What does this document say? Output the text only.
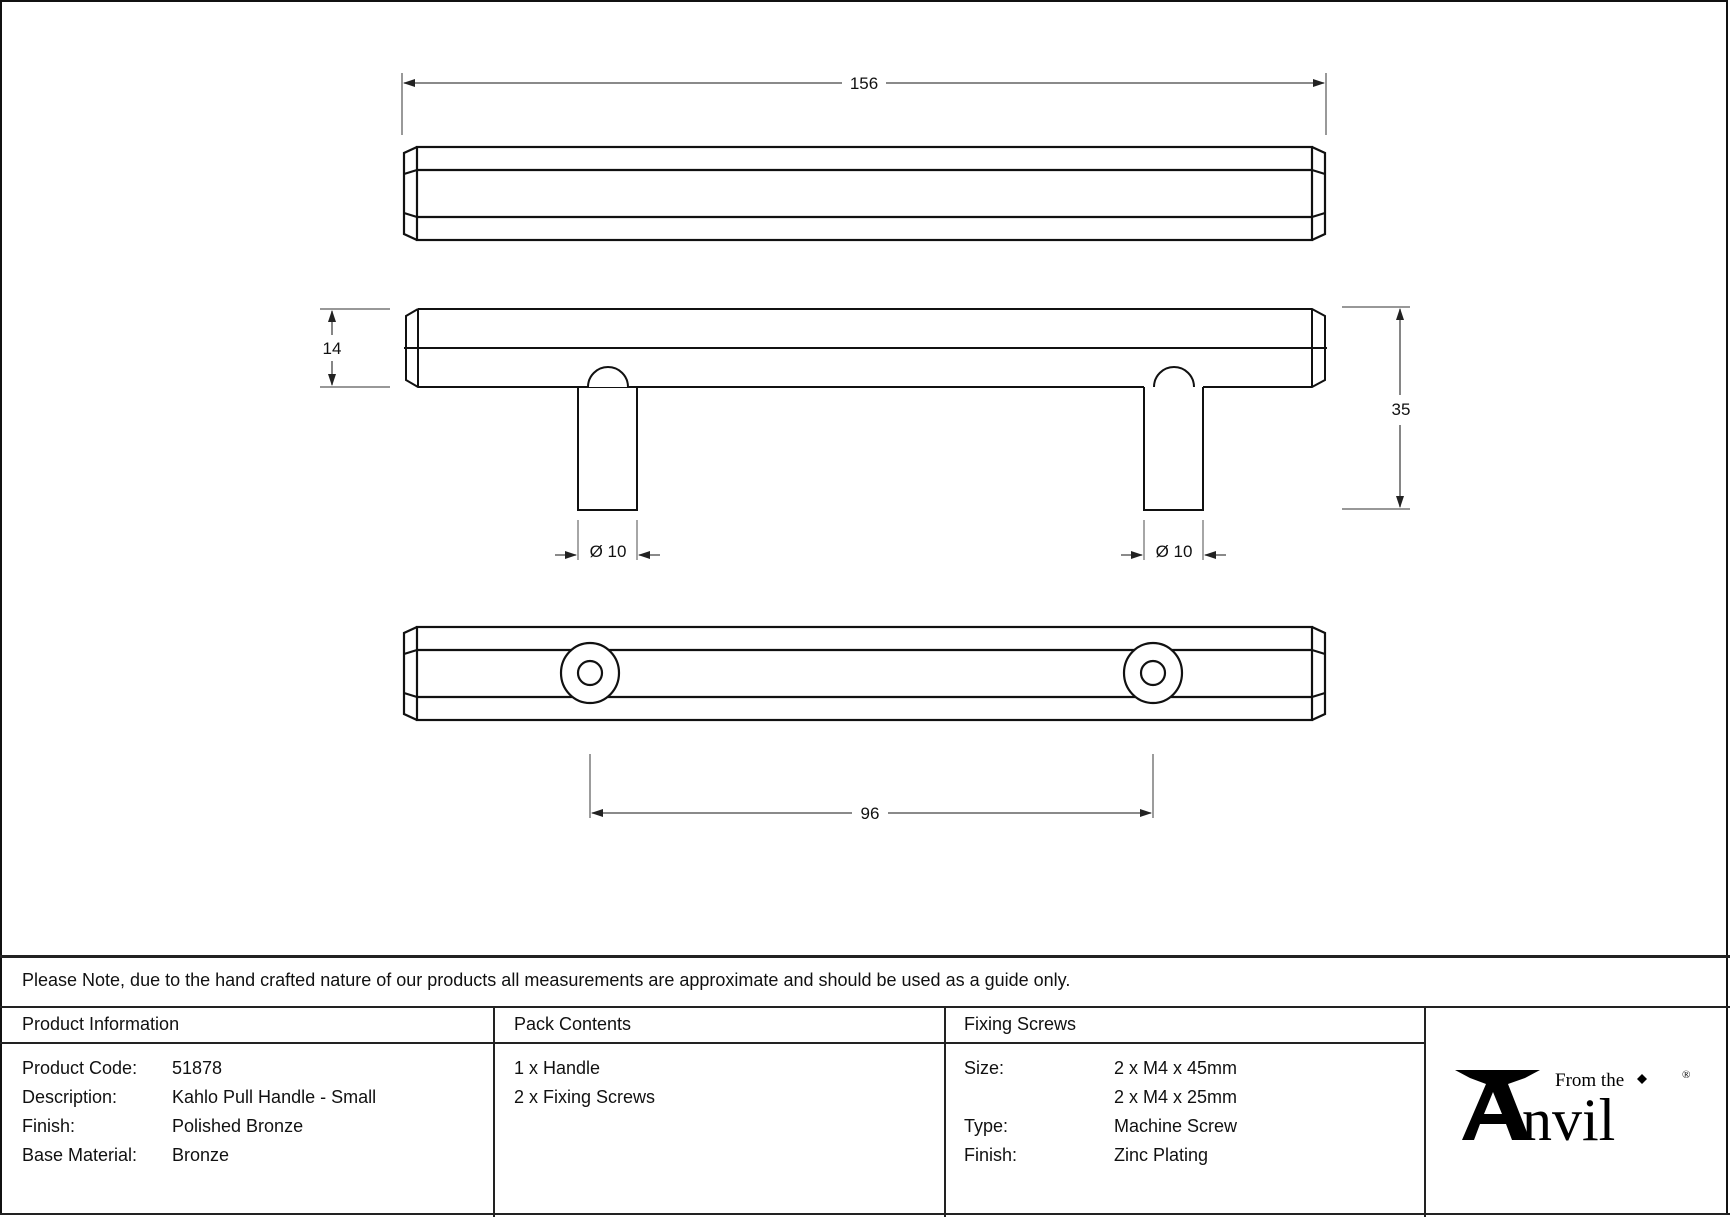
156
14
35
Ø 10	Ø 10
96
Please Note, due to the hand crafted nature of our products all measurements are approximate and should be used as a guide only.
Product Information
Product Code: 51878
Description:	Kahlo Pull Handle - Small
Finish:	Polished Bronze
Base Material: Bronze
Pack Contents
1 x Handle
2 x Fixing Screws
Fixing Screws
Size:	2 x M4 x 45mm
2 x M4 x 25mm
Type:	Machine Screw
Finish:	Zinc Plating
From the
nvil
®
